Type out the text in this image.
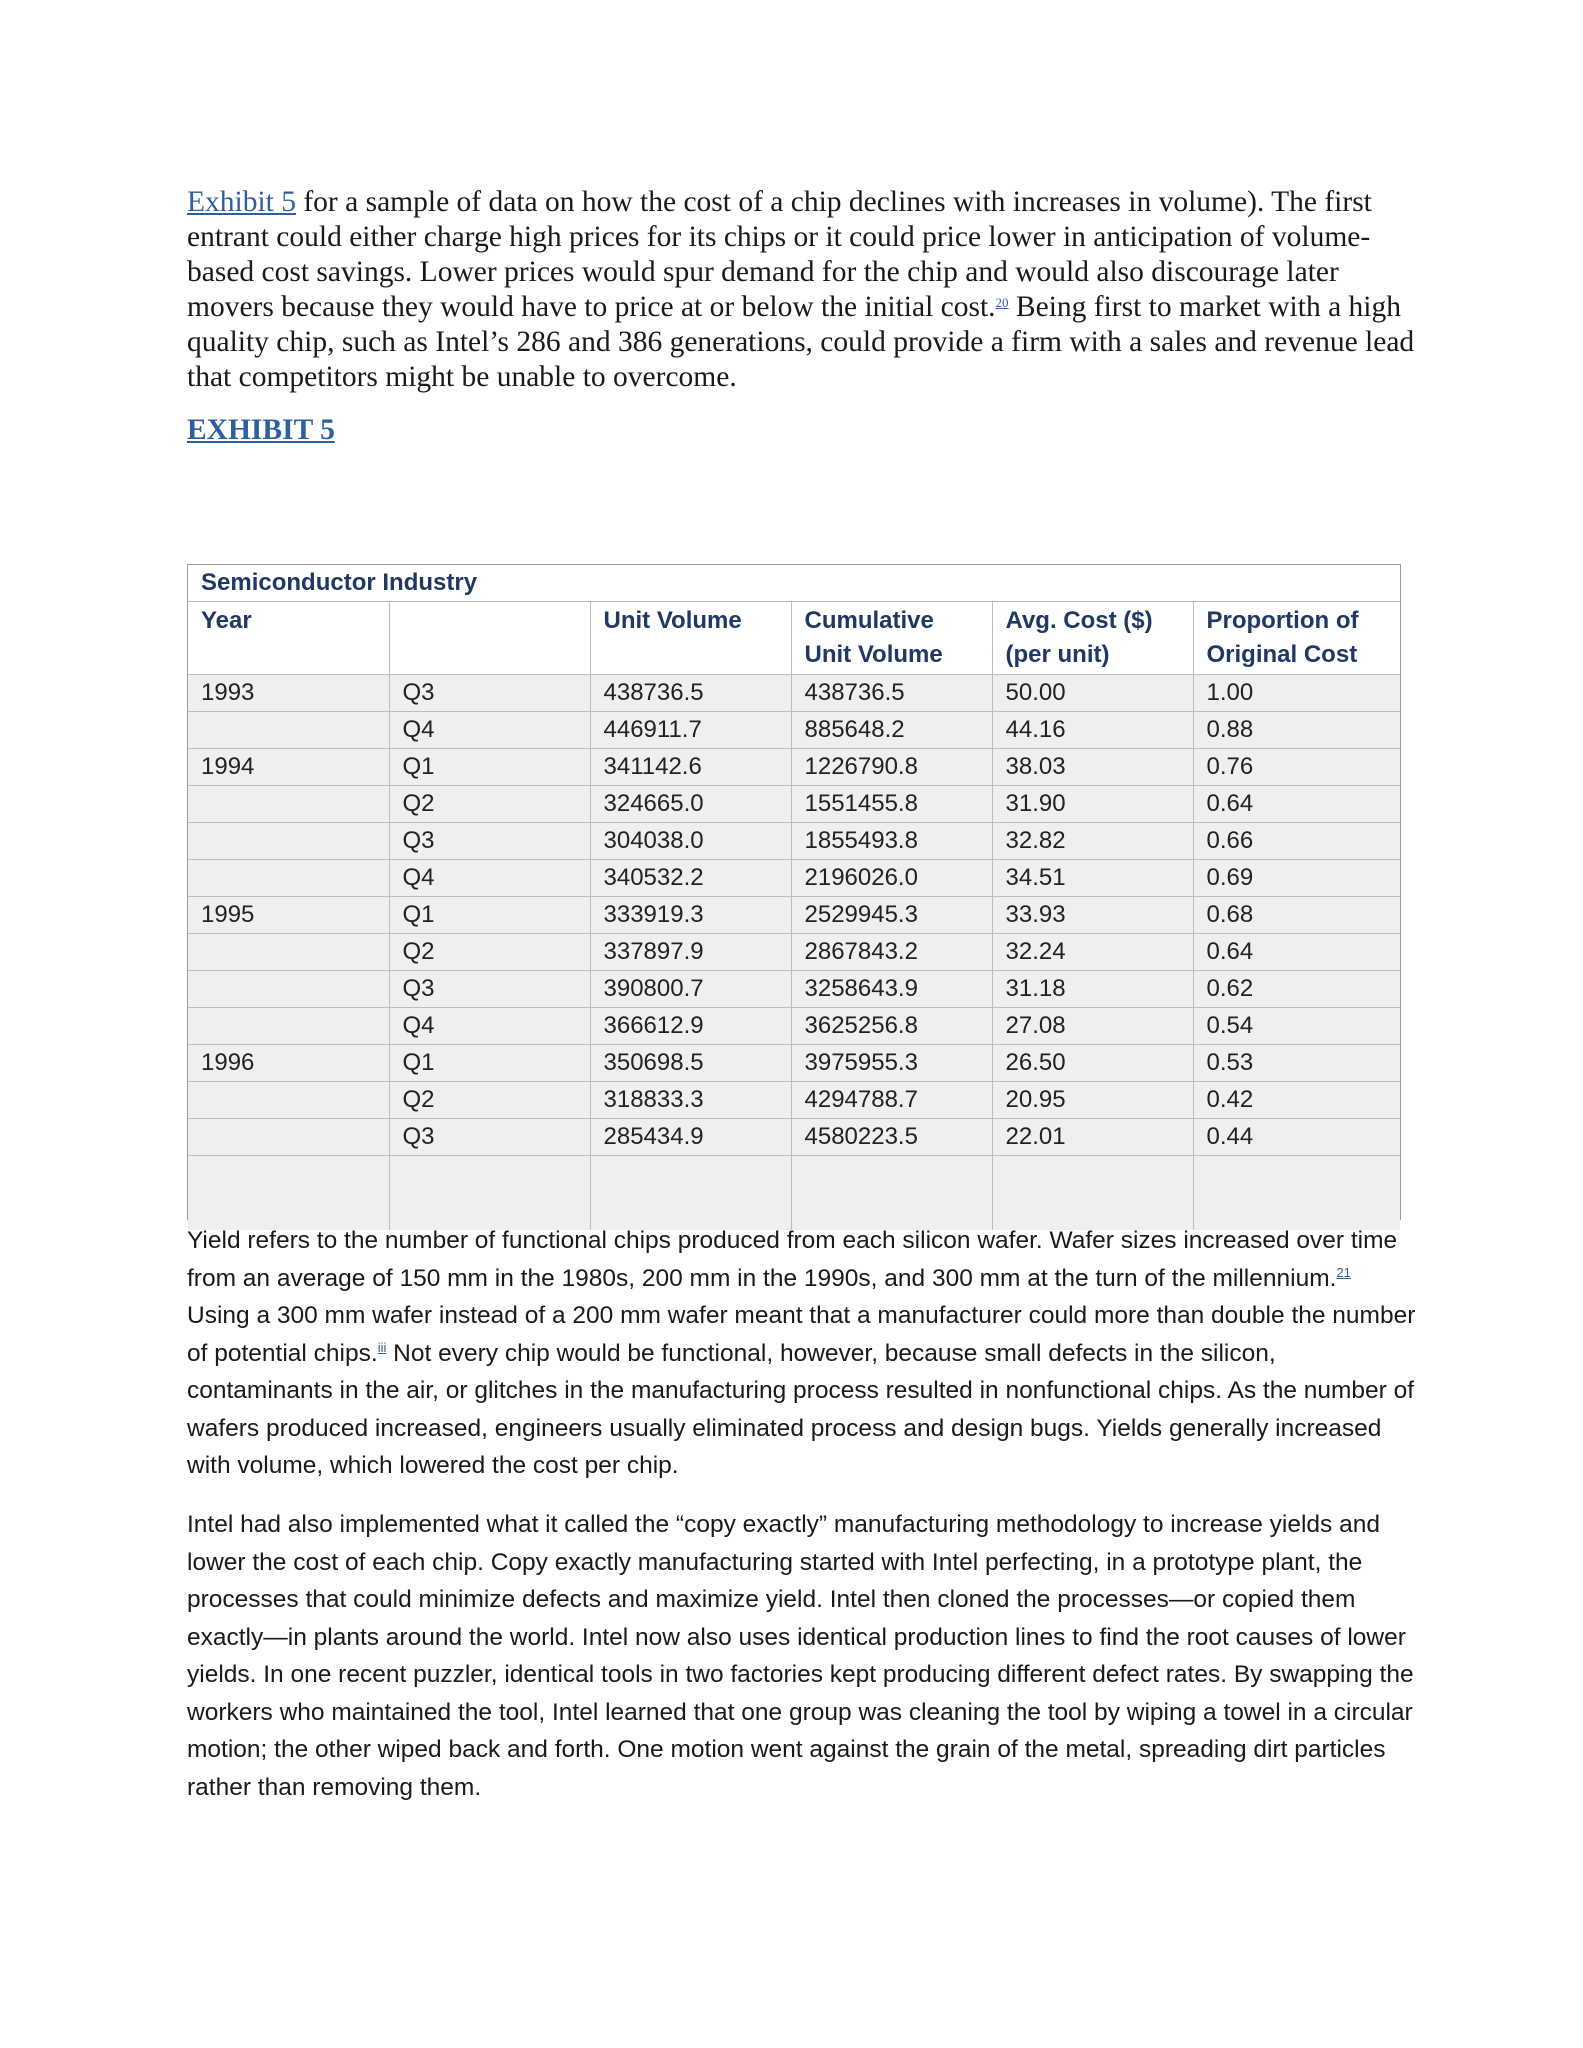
Exhibit 5 for a sample of data on how the cost of a chip declines with increases in volume). The first entrant could either charge high prices for its chips or it could price lower in anticipation of volume-based cost savings. Lower prices would spur demand for the chip and would also discourage later movers because they would have to price at or below the initial cost.$^{20}$ Being first to market with a high quality chip, such as Intel’s 286 and 386 generations, could provide a firm with a sales and revenue lead that competitors might be unable to overcome.

EXHIBIT 5
Semiconductor Industry
Year		Unit Volume	Cumulative Unit Volume	Avg. Cost ($) (per unit)	Proportion of Original Cost
1993	Q3	438736.5	438736.5	50.00	1.00
	Q4	446911.7	885648.2	44.16	0.88
1994	Q1	341142.6	1226790.8	38.03	0.76
	Q2	324665.0	1551455.8	31.90	0.64
	Q3	304038.0	1855493.8	32.82	0.66
	Q4	340532.2	2196026.0	34.51	0.69
1995	Q1	333919.3	2529945.3	33.93	0.68
	Q2	337897.9	2867843.2	32.24	0.64
	Q3	390800.7	3258643.9	31.18	0.62
	Q4	366612.9	3625256.8	27.08	0.54
1996	Q1	350698.5	3975955.3	26.50	0.53
	Q2	318833.3	4294788.7	20.95	0.42
	Q3	285434.9	4580223.5	22.01	0.44

Yield refers to the number of functional chips produced from each silicon wafer. Wafer sizes increased over time from an average of 150 mm in the 1980s, 200 mm in the 1990s, and 300 mm at the turn of the millennium.$^{21}$ Using a 300 mm wafer instead of a 200 mm wafer meant that a manufacturer could more than double the number of potential chips.$^{iii}$ Not every chip would be functional, however, because small defects in the silicon, contaminants in the air, or glitches in the manufacturing process resulted in nonfunctional chips. As the number of wafers produced increased, engineers usually eliminated process and design bugs. Yields generally increased with volume, which lowered the cost per chip.

Intel had also implemented what it called the “copy exactly” manufacturing methodology to increase yields and lower the cost of each chip. Copy exactly manufacturing started with Intel perfecting, in a prototype plant, the processes that could minimize defects and maximize yield. Intel then cloned the processes—or copied them exactly—in plants around the world. Intel now also uses identical production lines to find the root causes of lower yields. In one recent puzzler, identical tools in two factories kept producing different defect rates. By swapping the workers who maintained the tool, Intel learned that one group was cleaning the tool by wiping a towel in a circular motion; the other wiped back and forth. One motion went against the grain of the metal, spreading dirt particles rather than removing them.
